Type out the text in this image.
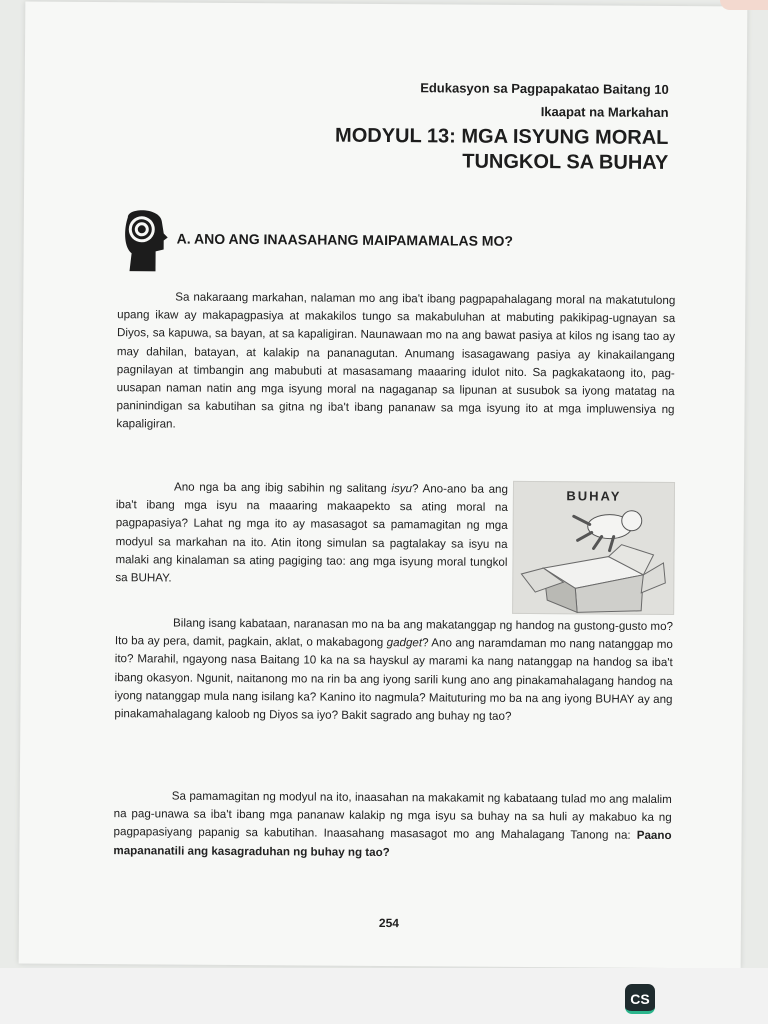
Edukasyon sa Pagpapakatao Baitang 10
Ikaapat na Markahan
MODYUL 13: MGA ISYUNG MORAL TUNGKOL SA BUHAY
A. ANO ANG INAASAHANG MAIPAMAMALAS MO?

Sa nakaraang markahan, nalaman mo ang iba't ibang pagpapahalagang moral na makatutulong upang ikaw ay makapagpasiya at makakilos tungo sa makabuluhan at mabuting pakikipag-ugnayan sa Diyos, sa kapuwa, sa bayan, at sa kapaligiran. Naunawaan mo na ang bawat pasiya at kilos ng isang tao ay may dahilan, batayan, at kalakip na pananagutan. Anumang isasagawang pasiya ay kinakailangang pagnilayan at timbangin ang mabubuti at masasamang maaaring idulot nito. Sa pagkakataong ito, pag-uusapan naman natin ang mga isyung moral na nagaganap sa lipunan at susubok sa iyong matatag na paninindigan sa kabutihan sa gitna ng iba't ibang pananaw sa mga isyung ito at mga impluwensiya ng kapaligiran.

Ano nga ba ang ibig sabihin ng salitang isyu? Ano-ano ba ang iba't ibang mga isyu na maaaring makaapekto sa ating moral na pagpapasiya? Lahat ng mga ito ay masasagot sa pamamagitan ng mga modyul sa markahan na ito. Atin itong simulan sa pagtalakay sa isyu na malaki ang kinalaman sa ating pagiging tao: ang mga isyung moral tungkol sa BUHAY.

BUHAY

Bilang isang kabataan, naranasan mo na ba ang makatanggap ng handog na gustong-gusto mo? Ito ba ay pera, damit, pagkain, aklat, o makabagong gadget? Ano ang naramdaman mo nang natanggap mo ito? Marahil, ngayong nasa Baitang 10 ka na sa hayskul ay marami ka nang natanggap na handog sa iba't ibang okasyon. Ngunit, naitanong mo na rin ba ang iyong sarili kung ano ang pinakamahalagang handog na iyong natanggap mula nang isilang ka? Kanino ito nagmula? Maituturing mo ba na ang iyong BUHAY ay ang pinakamahalagang kaloob ng Diyos sa iyo? Bakit sagrado ang buhay ng tao?

Sa pamamagitan ng modyul na ito, inaasahan na makakamit ng kabataang tulad mo ang malalim na pag-unawa sa iba't ibang mga pananaw kalakip ng mga isyu sa buhay na sa huli ay makabuo ka ng pagpapasiyang papanig sa kabutihan. Inaasahang masasagot mo ang Mahalagang Tanong na: Paano mapananatili ang kasagraduhan ng buhay ng tao?

254
CS
